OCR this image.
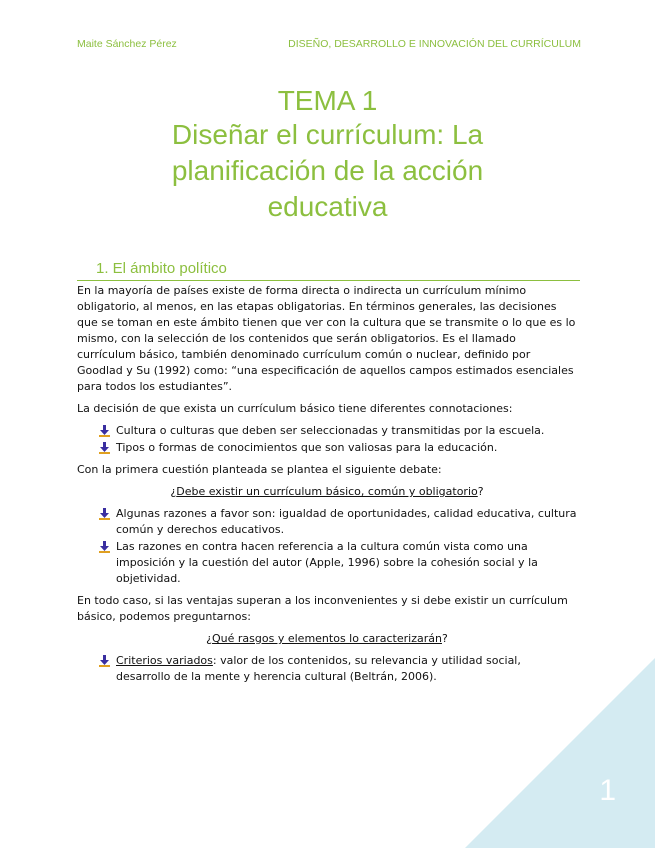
Maite Sánchez Pérez	DISEÑO, DESARROLLO E INNOVACIÓN DEL CURRÍCULUM
TEMA 1
Diseñar el currículum: La planificación de la acción educativa
1. El ámbito político

En la mayoría de países existe de forma directa o indirecta un currículum mínimo obligatorio, al menos, en las etapas obligatorias. En términos generales, las decisiones que se toman en este ámbito tienen que ver con la cultura que se transmite o lo que es lo mismo, con la selección de los contenidos que serán obligatorios. Es el llamado currículum básico, también denominado currículum común o nuclear, definido por Goodlad y Su (1992) como: “una especificación de aquellos campos estimados esenciales para todos los estudiantes”.

La decisión de que exista un currículum básico tiene diferentes connotaciones:

Cultura o culturas que deben ser seleccionadas y transmitidas por la escuela.
Tipos o formas de conocimientos que son valiosas para la educación.

Con la primera cuestión planteada se plantea el siguiente debate:

¿Debe existir un currículum básico, común y obligatorio?

Algunas razones a favor son: igualdad de oportunidades, calidad educativa, cultura común y derechos educativos.
Las razones en contra hacen referencia a la cultura común vista como una imposición y la cuestión del autor (Apple, 1996) sobre la cohesión social y la objetividad.

En todo caso, si las ventajas superan a los inconvenientes y si debe existir un currículum básico, podemos preguntarnos:

¿Qué rasgos y elementos lo caracterizarán?

Criterios variados: valor de los contenidos, su relevancia y utilidad social, desarrollo de la mente y herencia cultural (Beltrán, 2006).
1
